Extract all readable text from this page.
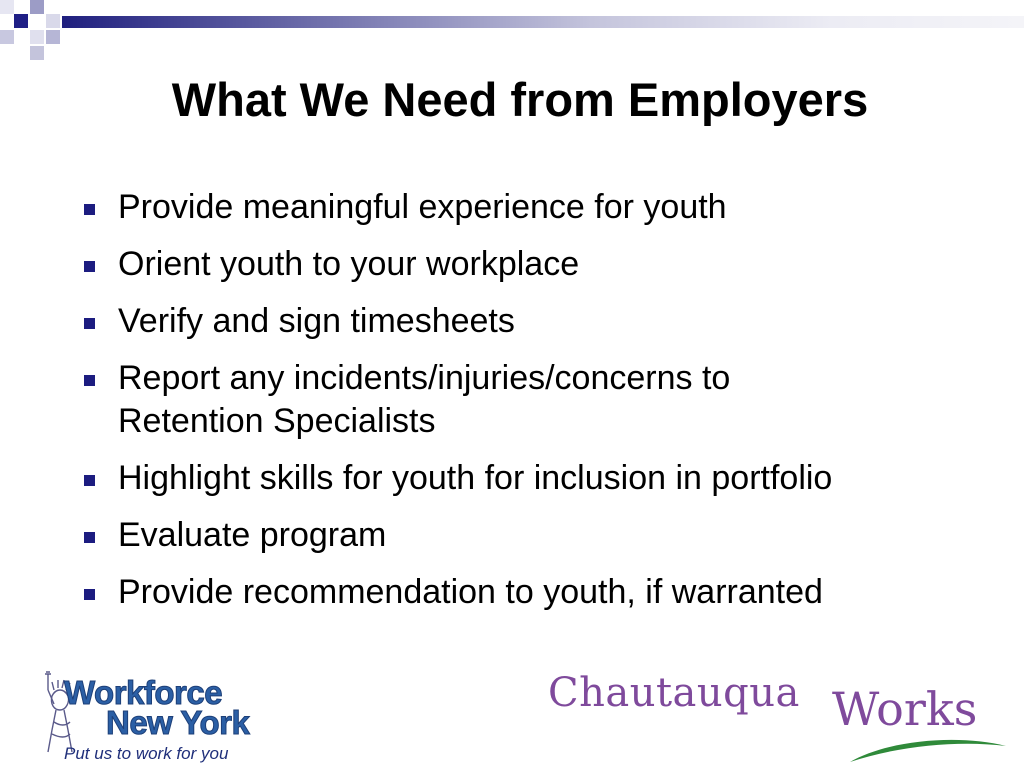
What We Need from Employers
Provide meaningful experience for youth
Orient youth to your workplace
Verify and sign timesheets
Report any incidents/injuries/concerns to Retention Specialists
Highlight skills for youth for inclusion in portfolio
Evaluate program
Provide recommendation to youth, if warranted
Workforce
New York
Put us to work for you
Chautauqua Works
